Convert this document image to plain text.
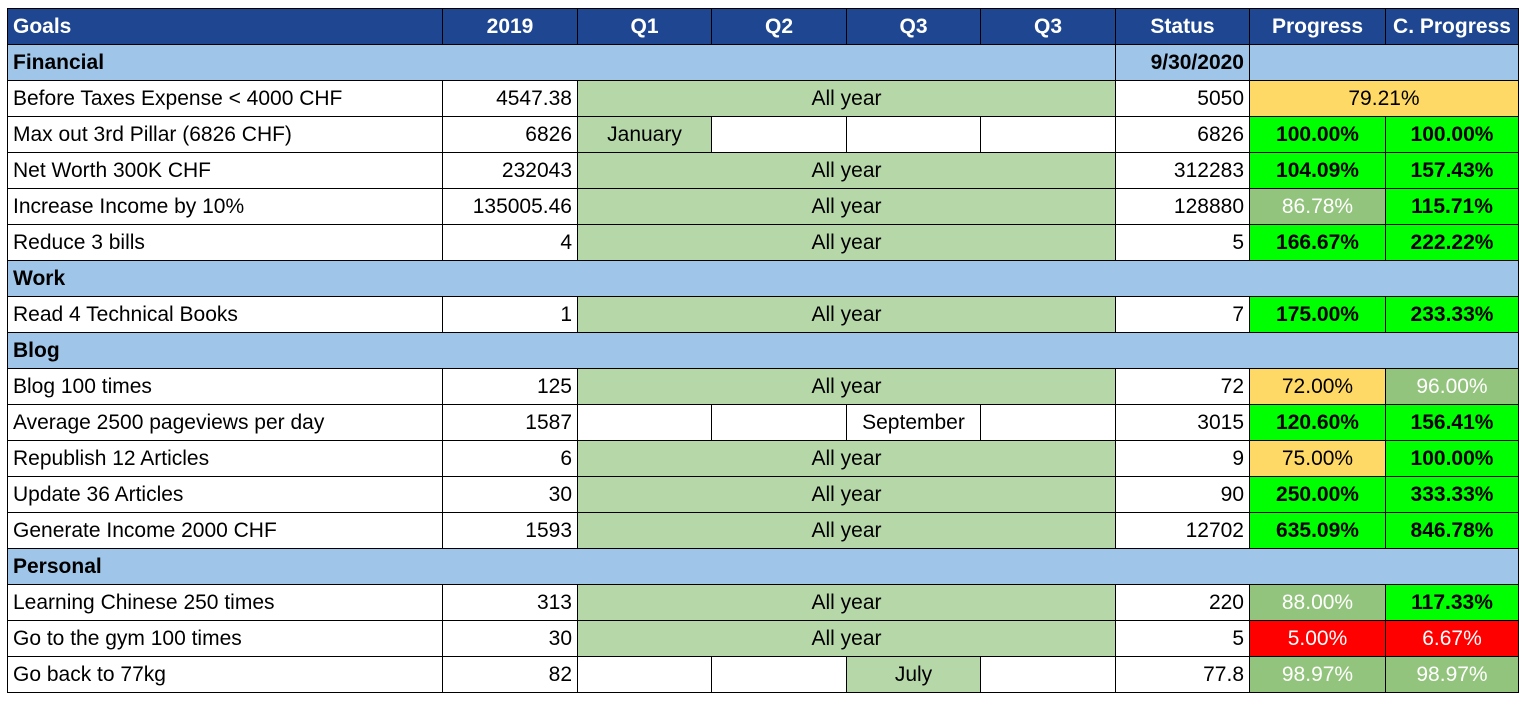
Goals	2019	Q1	Q2	Q3	Q3	Status	Progress	C. Progress
Financial						9/30/2020		
Before Taxes Expense < 4000 CHF	4547.38	All year				5050	79.21%	
Max out 3rd Pillar (6826 CHF)	6826	January				6826	100.00%	100.00%
Net Worth 300K CHF	232043	All year				312283	104.09%	157.43%
Increase Income by 10%	135005.46	All year				128880	86.78%	115.71%
Reduce 3 bills	4	All year				5	166.67%	222.22%
Work								
Read 4 Technical Books	1	All year				7	175.00%	233.33%
Blog								
Blog 100 times	125	All year				72	72.00%	96.00%
Average 2500 pageviews per day	1587			September		3015	120.60%	156.41%
Republish 12 Articles	6	All year				9	75.00%	100.00%
Update 36 Articles	30	All year				90	250.00%	333.33%
Generate Income 2000 CHF	1593	All year				12702	635.09%	846.78%
Personal								
Learning Chinese 250 times	313	All year				220	88.00%	117.33%
Go to the gym 100 times	30	All year				5	5.00%	6.67%
Go back to 77kg	82			July		77.8	98.97%	98.97%
